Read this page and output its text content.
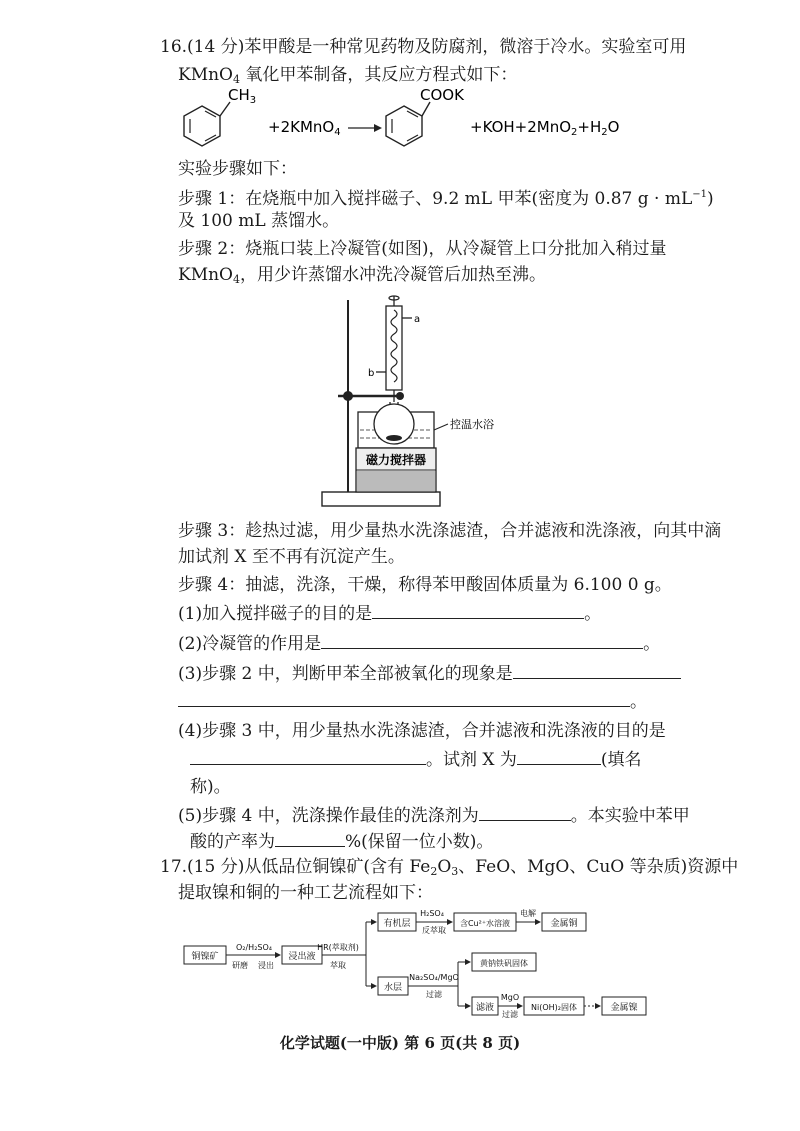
16.(14 分)苯甲酸是一种常见药物及防腐剂，微溶于冷水。实验室可用
KMnO$_4$ 氧化甲苯制备，其反应方程式如下：
$CH_3$
+2KMnO$_4$
COOK
$+KOH+2MnO_2+H_2O$
实验步骤如下：
步骤 1：在烧瓶中加入搅拌磁子、9.2 mL 甲苯(密度为 0.87 $g \cdot mL^{-1}$)
及 100 mL 蒸馏水。
步骤 2：烧瓶口装上冷凝管(如图)，从冷凝管上口分批加入稍过量
KMnO$_4$，用少许蒸馏水冲洗冷凝管后加热至沸。
a
b
控温水浴
磁力搅拌器
步骤 3：趁热过滤，用少量热水洗涤滤渣，合并滤液和洗涤液，向其中滴
加试剂 X 至不再有沉淀产生。
步骤 4：抽滤，洗涤，干燥，称得苯甲酸固体质量为 6.100 0 g。
(1)加入搅拌磁子的目的是	。
(2)冷凝管的作用是	。
(3)步骤 2 中，判断甲苯全部被氧化的现象是
。
(4)步骤 3 中，用少量热水洗涤滤渣，合并滤液和洗涤液的目的是
。试剂 X 为	(填名
称)。
(5)步骤 4 中，洗涤操作最佳的洗涤剂为	。本实验中苯甲
酸的产率为	%(保留一位小数)。
17.(15 分)从低品位铜镍矿(含有 $Fe_2O_3$、FeO、MgO、CuO 等杂质)资源中
提取镍和铜的一种工艺流程如下：
铜镍矿
O₂/H₂SO₄
研磨 浸出
浸出液
HR(萃取剂)
萃取
有机层
H₂SO₄
反萃取
含Cu²⁺水溶液
电解
金属铜
水层
Na₂SO₄/MgO
过滤
黄钠铁矾固体
滤液
MgO
过滤
Ni(OH)₂固体	金属镍
化学试题(一中版) 第 6 页(共 8 页)
